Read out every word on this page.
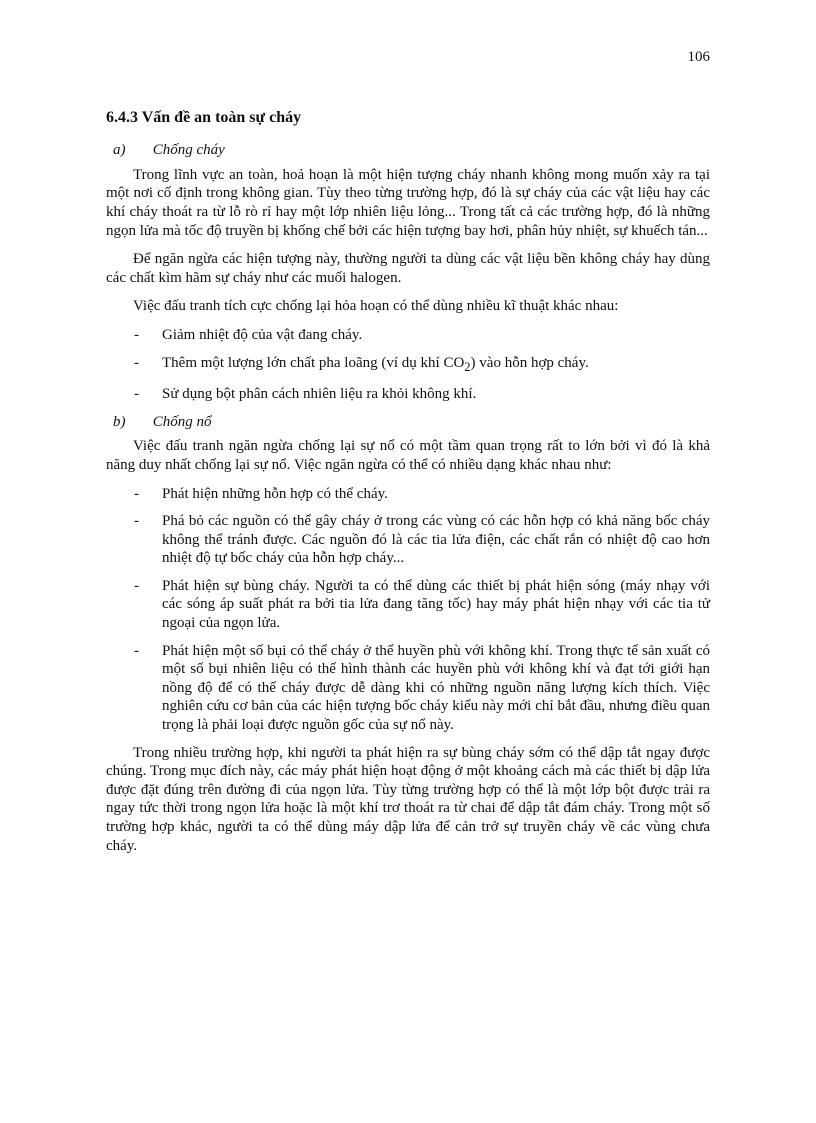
106
6.4.3 Vấn đề an toàn sự cháy
a) Chống cháy

Trong lĩnh vực an toàn, hoả hoạn là một hiện tượng cháy nhanh không mong muốn xảy ra tại một nơi cố định trong không gian. Tùy theo từng trường hợp, đó là sự cháy của các vật liệu hay các khí cháy thoát ra từ lỗ rò rỉ hay một lớp nhiên liệu lỏng... Trong tất cả các trường hợp, đó là những ngọn lửa mà tốc độ truyền bị khống chế bởi các hiện tượng bay hơi, phân hủy nhiệt, sự khuếch tán...

Để ngăn ngừa các hiện tượng này, thường người ta dùng các vật liệu bền không cháy hay dùng các chất kìm hãm sự cháy như các muối halogen.

Việc đấu tranh tích cực chống lại hỏa hoạn có thể dùng nhiều kĩ thuật khác nhau:

- Giảm nhiệt độ của vật đang cháy.
- Thêm một lượng lớn chất pha loãng (ví dụ khí $CO_2$) vào hỗn hợp cháy.
- Sử dụng bột phân cách nhiên liệu ra khỏi không khí.
b) Chống nổ

Việc đấu tranh ngăn ngừa chống lại sự nổ có một tầm quan trọng rất to lớn bởi vì đó là khả năng duy nhất chống lại sự nổ. Việc ngăn ngừa có thể có nhiều dạng khác nhau như:

- Phát hiện những hỗn hợp có thể cháy.
- Phá bỏ các nguồn có thể gây cháy ở trong các vùng có các hỗn hợp có khả năng bốc cháy không thể tránh được. Các nguồn đó là các tia lửa điện, các chất rắn có nhiệt độ cao hơn nhiệt độ tự bốc cháy của hỗn hợp cháy...
- Phát hiện sự bùng cháy. Người ta có thể dùng các thiết bị phát hiện sóng (máy nhạy với các sóng áp suất phát ra bởi tia lửa đang tăng tốc) hay máy phát hiện nhạy với các tia tử ngoại của ngọn lửa.
- Phát hiện một số bụi có thể cháy ở thể huyền phù với không khí. Trong thực tế sản xuất có một số bụi nhiên liệu có thể hình thành các huyền phù với không khí và đạt tới giới hạn nồng độ để có thể cháy được dễ dàng khi có những nguồn năng lượng kích thích. Việc nghiên cứu cơ bản của các hiện tượng bốc cháy kiểu này mới chỉ bắt đầu, nhưng điều quan trọng là phải loại được nguồn gốc của sự nổ này.

Trong nhiều trường hợp, khi người ta phát hiện ra sự bùng cháy sớm có thể dập tắt ngay được chúng. Trong mục đích này, các máy phát hiện hoạt động ở một khoảng cách mà các thiết bị dập lửa được đặt đúng trên đường đi của ngọn lửa. Tùy từng trường hợp có thể là một lớp bột được trải ra ngay tức thời trong ngọn lửa hoặc là một khí trơ thoát ra từ chai để dập tắt đám cháy. Trong một số trường hợp khác, người ta có thể dùng máy dập lửa để cản trở sự truyền cháy về các vùng chưa cháy.
